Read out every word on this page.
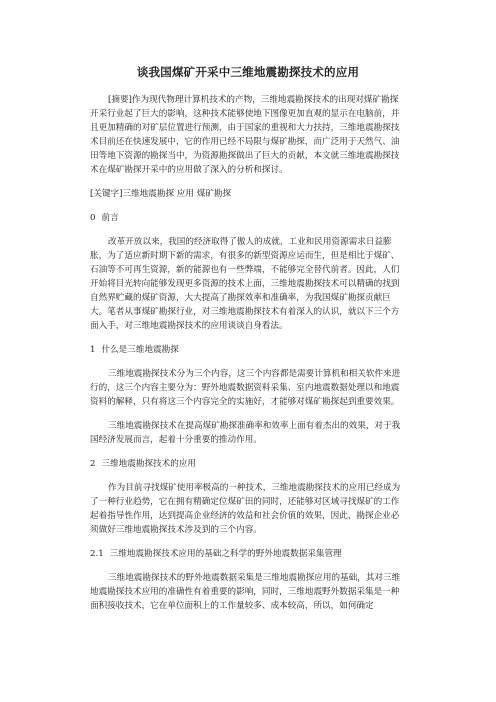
谈我国煤矿开采中三维地震勘探技术的应用

[摘要]作为现代物理计算机技术的产物，三维地震勘探技术的出现对煤矿勘探开采行业起了巨大的影响，这种技术能够使地下图像更加直观的显示在电脑前，并且更加精确的对矿层位置进行预测，由于国家的重视和大力扶持，三维地震勘探技术目前还在快速发展中，它的作用已经不局限与煤矿勘探，而广泛用于天然气、油田等地下资源的勘探当中，为资源勘探做出了巨大的贡献，本文就三维地震勘探技术在煤矿勘探开采中的应用做了深入的分析和探讨。

[关键字]三维地震勘探 应用 煤矿勘探

0 前言

改革开放以来，我国的经济取得了傲人的成就，工业和民用资源需求日益膨胀，为了适应新时期下新的需求，有很多的新型资源应运而生，但是相比于煤矿、石油等不可再生资源，新的能源也有一些弊端，不能够完全替代前者。因此，人们开始将目光转向能够发现更多资源的技术上面，三维地震勘探技术可以精确的找到自然界贮藏的煤矿资源，大大提高了勘探效率和准确率，为我国煤矿勘探贡献巨大。笔者从事煤矿勘探行业，对三维地震勘探技术有着深入的认识，就以下三个方面入手，对三维地震勘探技术的应用谈谈自身看法。

1 什么是三维地震勘探

三维地震勘探技术分为三个内容，这三个内容都是需要计算机和相关软件来进行的，这三个内容主要分为：野外地震数据资料采集、室内地震数据处理以和地震资料的解释，只有将这三个内容完全的实施好，才能够对煤矿勘探起到重要效果。

三维地震勘探技术在提高煤矿勘探准确率和效率上面有着杰出的效果，对于我国经济发展而言，起着十分重要的推动作用。

2 三维地震勘探技术的应用

作为目前寻找煤矿使用率极高的一种技术，三维地震勘探技术的应用已经成为了一种行业趋势，它在拥有精确定位煤矿田的同时，还能够对区域寻找煤矿的工作起着指导性作用，达到提高企业经济的效益和社会价值的效果，因此，勘探企业必须做好三维地震勘探技术涉及到的三个内容。

2.1 三维地震勘探技术应用的基础之科学的野外地震数据采集管理

三维地震勘探技术的野外地震数据采集是三维地震勘探应用的基础，其对三维地震勘探技术应用的准确性有着重要的影响，同时，三维地震野外数据采集是一种面积接收技术，它在单位面积上的工作量较多、成本较高，所以，如何确定
